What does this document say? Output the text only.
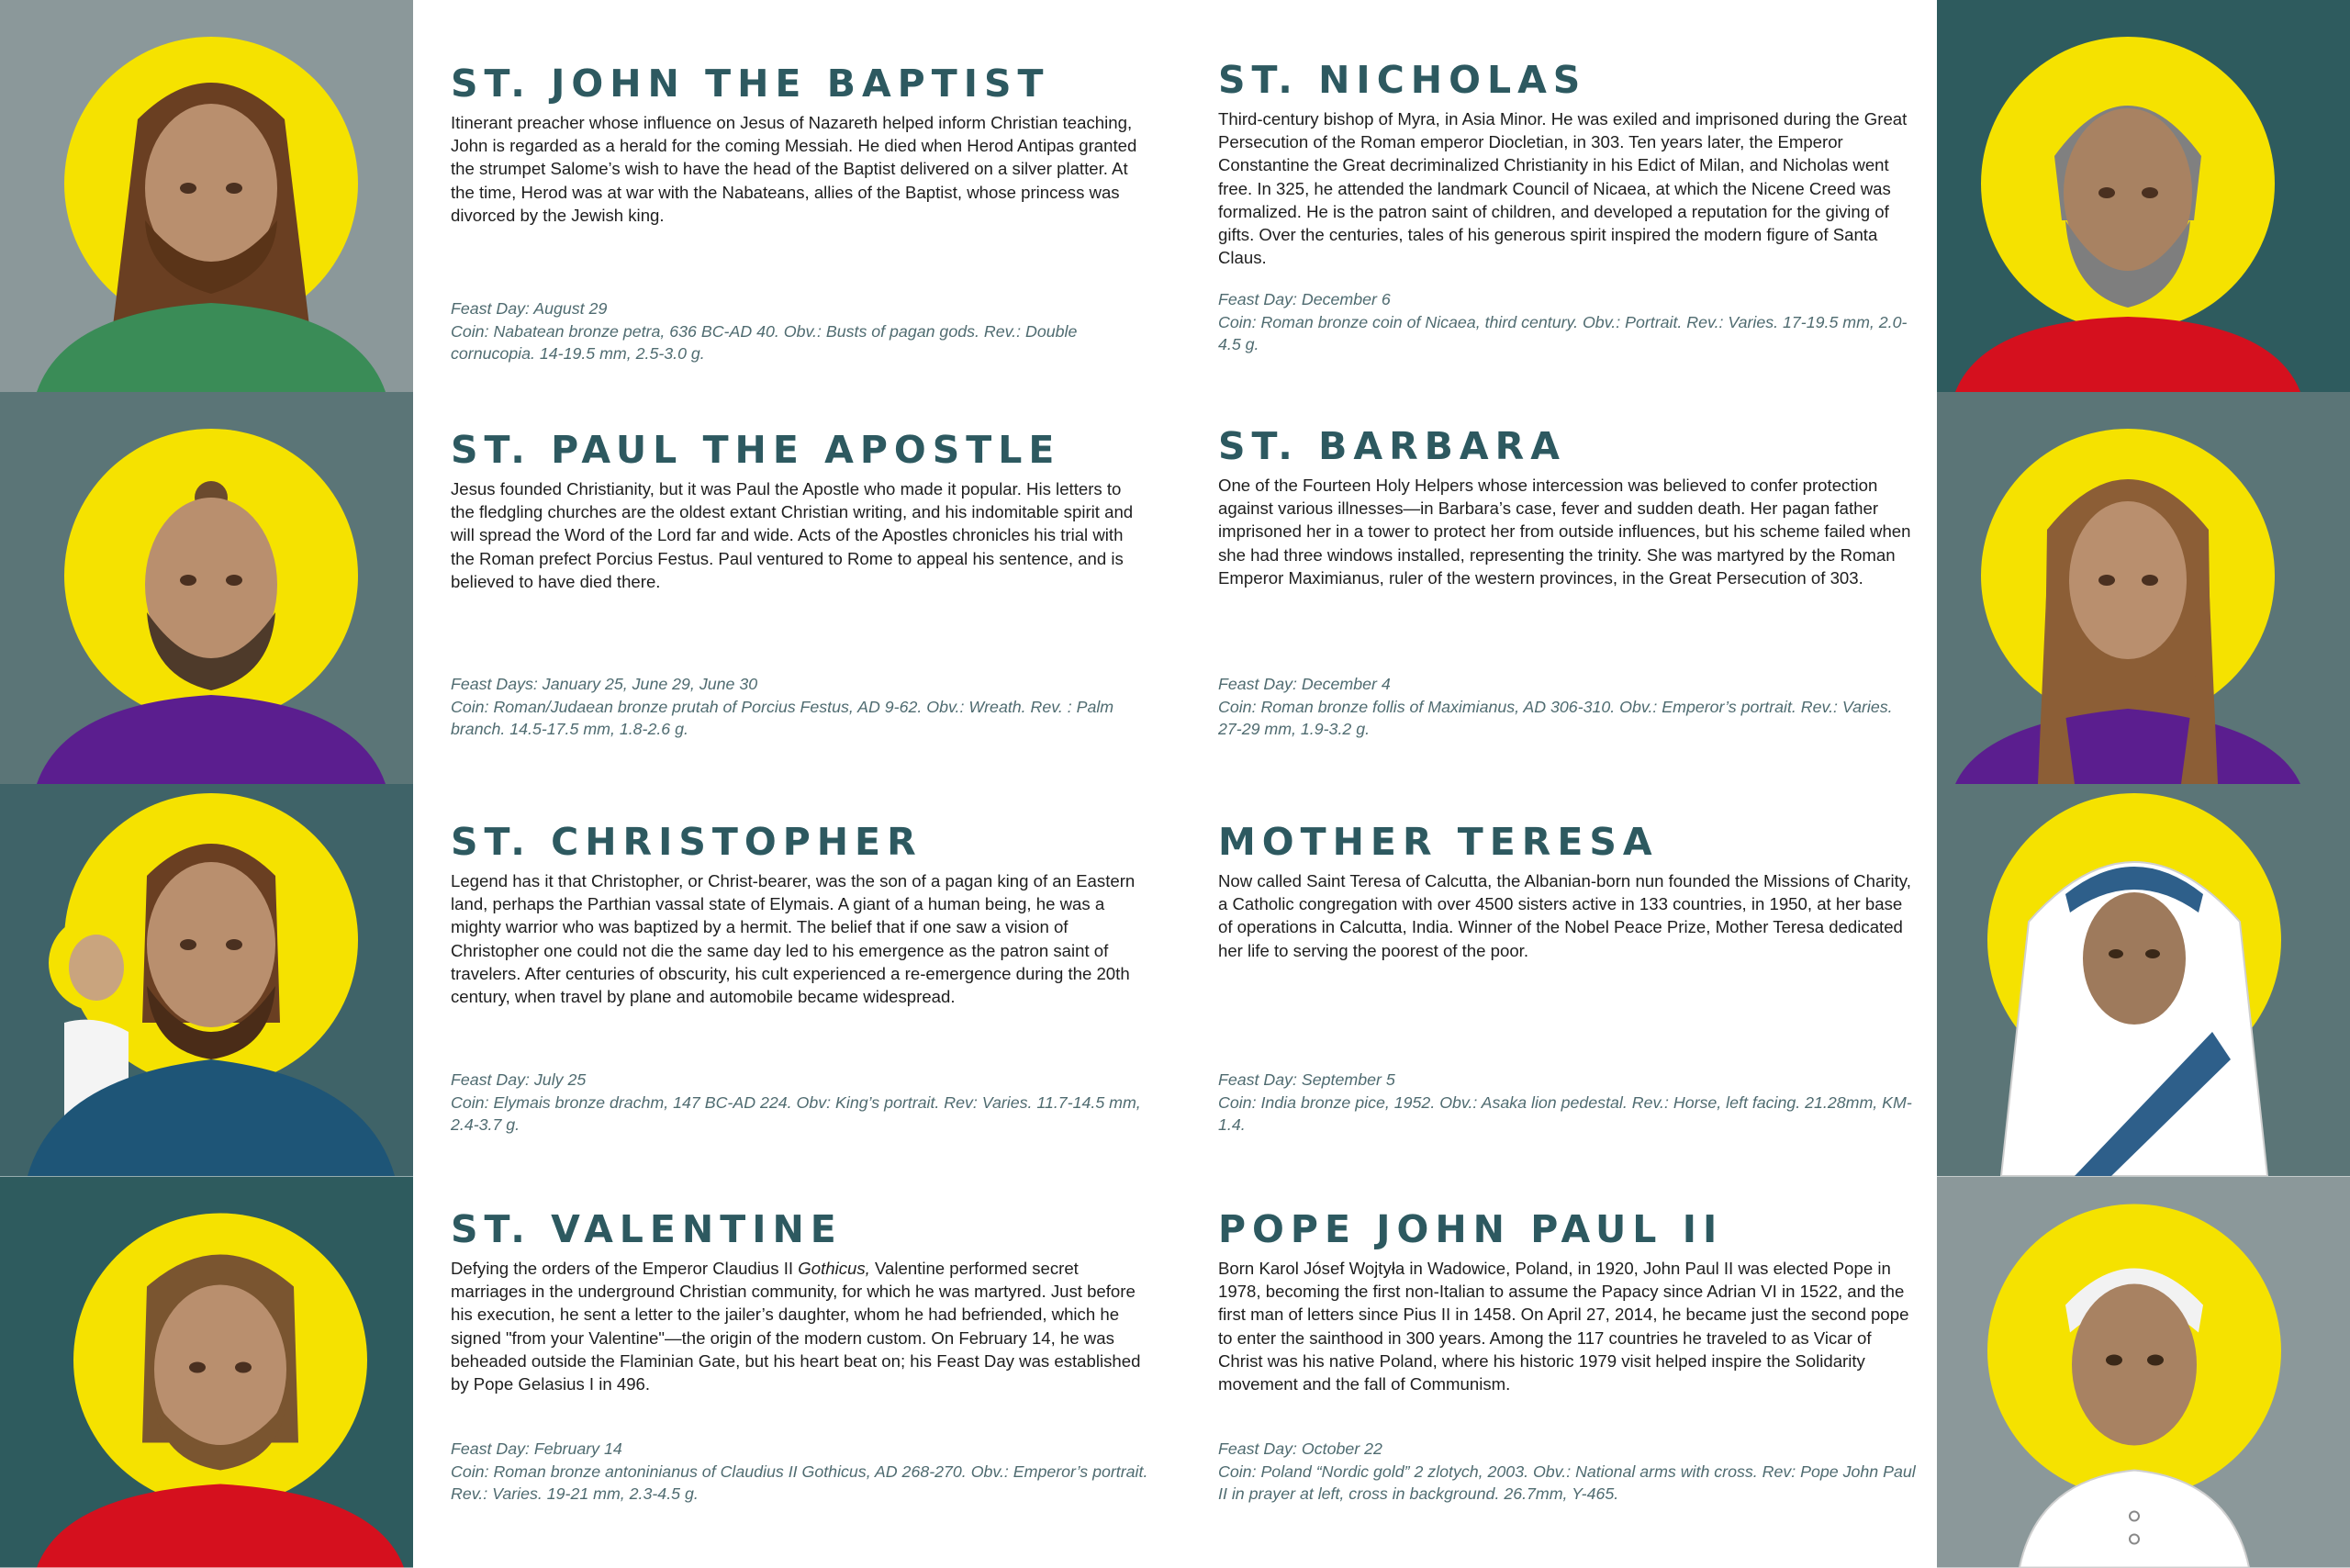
ST. JOHN THE BAPTIST
Itinerant preacher whose influence on Jesus of Nazareth helped inform Christian teaching, John is regarded as a herald for the coming Messiah. He died when Herod Antipas granted the strumpet Salome’s wish to have the head of the Baptist delivered on a silver platter. At the time, Herod was at war with the Nabateans, allies of the Baptist, whose princess was divorced by the Jewish king.
Feast Day: August 29
Coin: Nabatean bronze petra, 636 BC-AD 40. Obv.: Busts of pagan gods. Rev.: Double cornucopia. 14-19.5 mm, 2.5-3.0 g.
ST. NICHOLAS
Third-century bishop of Myra, in Asia Minor. He was exiled and imprisoned during the Great Persecution of the Roman emperor Diocletian, in 303. Ten years later, the Emperor Constantine the Great decriminalized Christianity in his Edict of Milan, and Nicholas went free. In 325, he attended the landmark Council of Nicaea, at which the Nicene Creed was formalized. He is the patron saint of children, and developed a reputation for the giving of gifts. Over the centuries, tales of his generous spirit inspired the modern figure of Santa Claus.
Feast Day: December 6
Coin: Roman bronze coin of Nicaea, third century. Obv.: Portrait. Rev.: Varies. 17-19.5 mm, 2.0-4.5 g.
ST. PAUL THE APOSTLE
Jesus founded Christianity, but it was Paul the Apostle who made it popular. His letters to the fledgling churches are the oldest extant Christian writing, and his indomitable spirit and will spread the Word of the Lord far and wide. Acts of the Apostles chronicles his trial with the Roman prefect Porcius Festus. Paul ventured to Rome to appeal his sentence, and is believed to have died there.
Feast Days: January 25, June 29, June 30
Coin: Roman/Judaean bronze prutah of Porcius Festus, AD 9-62. Obv.: Wreath. Rev. : Palm branch. 14.5-17.5 mm, 1.8-2.6 g.
ST. BARBARA
One of the Fourteen Holy Helpers whose intercession was believed to confer protection against various illnesses—in Barbara’s case, fever and sudden death. Her pagan father imprisoned her in a tower to protect her from outside influences, but his scheme failed when she had three windows installed, representing the trinity. She was martyred by the Roman Emperor Maximianus, ruler of the western provinces, in the Great Persecution of 303.
Feast Day: December 4
Coin: Roman bronze follis of Maximianus, AD 306-310. Obv.: Emperor’s portrait. Rev.: Varies. 27-29 mm, 1.9-3.2 g.
ST. CHRISTOPHER
Legend has it that Christopher, or Christ-bearer, was the son of a pagan king of an Eastern land, perhaps the Parthian vassal state of Elymais. A giant of a human being, he was a mighty warrior who was baptized by a hermit. The belief that if one saw a vision of Christopher one could not die the same day led to his emergence as the patron saint of travelers. After centuries of obscurity, his cult experienced a re-emergence during the 20th century, when travel by plane and automobile became widespread.
Feast Day: July 25
Coin: Elymais bronze drachm, 147 BC-AD 224. Obv: King’s portrait. Rev: Varies. 11.7-14.5 mm, 2.4-3.7 g.
MOTHER TERESA
Now called Saint Teresa of Calcutta, the Albanian-born nun founded the Missions of Charity, a Catholic congregation with over 4500 sisters active in 133 countries, in 1950, at her base of operations in Calcutta, India. Winner of the Nobel Peace Prize, Mother Teresa dedicated her life to serving the poorest of the poor.
Feast Day: September 5
Coin: India bronze pice, 1952. Obv.: Asaka lion pedestal. Rev.: Horse, left facing. 21.28mm, KM-1.4.
ST. VALENTINE
Defying the orders of the Emperor Claudius II Gothicus, Valentine performed secret marriages in the underground Christian community, for which he was martyred. Just before his execution, he sent a letter to the jailer’s daughter, whom he had befriended, which he signed "from your Valentine"—the origin of the modern custom. On February 14, he was beheaded outside the Flaminian Gate, but his heart beat on; his Feast Day was established by Pope Gelasius I in 496.
Feast Day: February 14
Coin: Roman bronze antoninianus of Claudius II Gothicus, AD 268-270. Obv.: Emperor’s portrait. Rev.: Varies. 19-21 mm, 2.3-4.5 g.
POPE JOHN PAUL II
Born Karol Jósef Wojtyła in Wadowice, Poland, in 1920, John Paul II was elected Pope in 1978, becoming the first non-Italian to assume the Papacy since Adrian VI in 1522, and the first man of letters since Pius II in 1458. On April 27, 2014, he became just the second pope to enter the sainthood in 300 years. Among the 117 countries he traveled to as Vicar of Christ was his native Poland, where his historic 1979 visit helped inspire the Solidarity movement and the fall of Communism.
Feast Day: October 22
Coin: Poland “Nordic gold” 2 zlotych, 2003. Obv.: National arms with cross. Rev: Pope John Paul II in prayer at left, cross in background. 26.7mm, Y-465.
